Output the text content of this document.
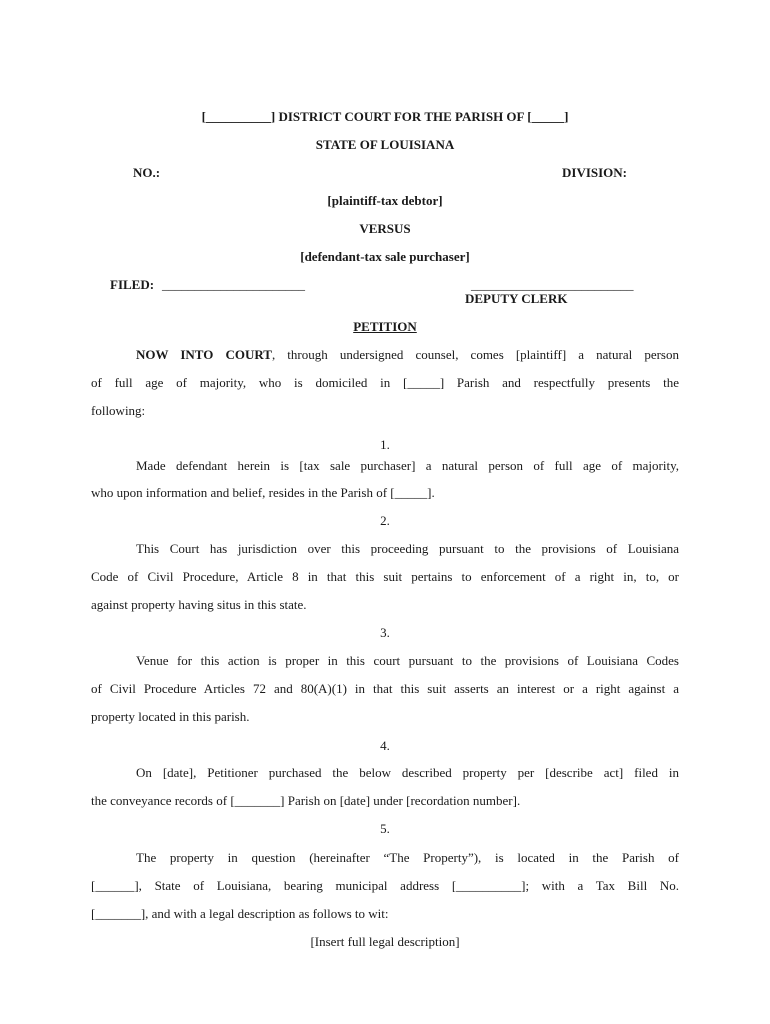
[__________] DISTRICT COURT FOR THE PARISH OF [_____]
STATE OF LOUISIANA
NO.:	DIVISION:
[plaintiff-tax debtor]
VERSUS
[defendant-tax sale purchaser]
FILED: ______________________	_________________________
DEPUTY CLERK
PETITION
NOW INTO COURT, through undersigned counsel, comes [plaintiff] a natural person
of full age of majority, who is domiciled in [_____] Parish and respectfully presents the
following:
1.
Made defendant herein is [tax sale purchaser] a natural person of full age of majority,
who upon information and belief, resides in the Parish of [_____].
2.
This Court has jurisdiction over this proceeding pursuant to the provisions of Louisiana
Code of Civil Procedure, Article 8 in that this suit pertains to enforcement of a right in, to, or
against property having situs in this state.
3.
Venue for this action is proper in this court pursuant to the provisions of Louisiana Codes
of Civil Procedure Articles 72 and 80(A)(1) in that this suit asserts an interest or a right against a
property located in this parish.
4.
On [date], Petitioner purchased the below described property per [describe act] filed in
the conveyance records of [_______] Parish on [date] under [recordation number].
5.
The property in question (hereinafter “The Property”), is located in the Parish of
[______], State of Louisiana, bearing municipal address [__________]; with a Tax Bill No.
[_______], and with a legal description as follows to wit:
[Insert full legal description]
